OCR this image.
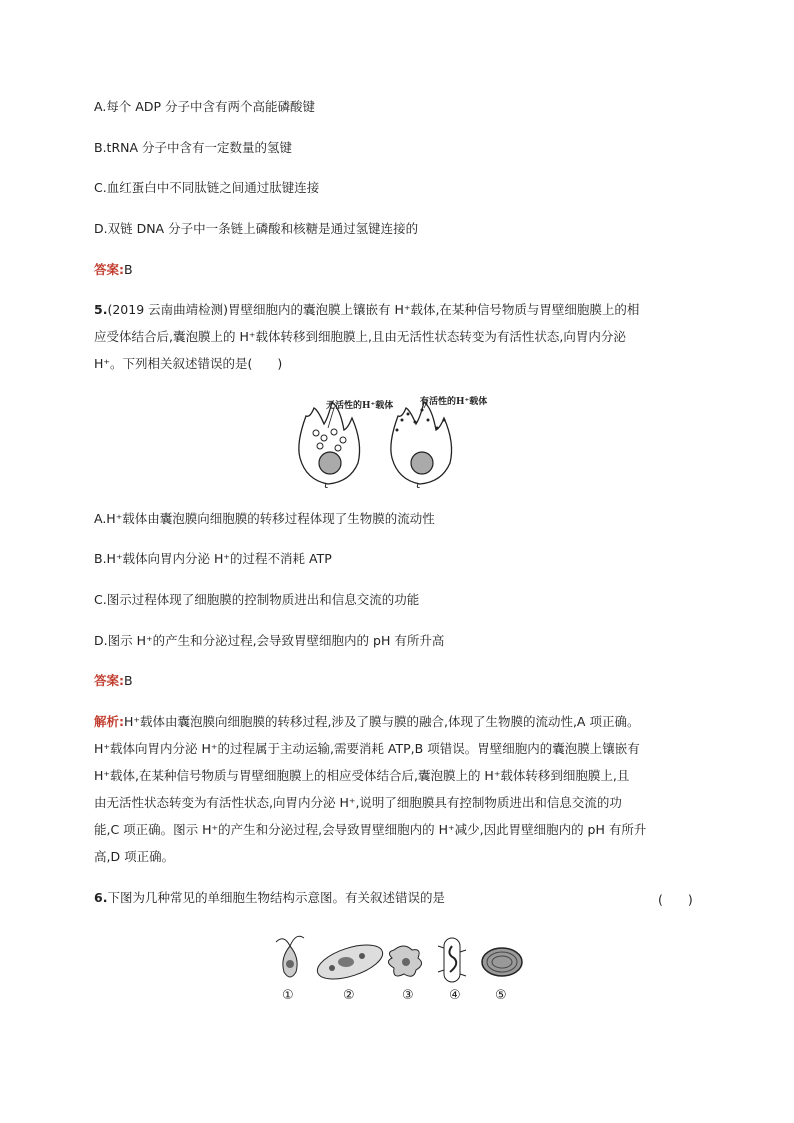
A.每个 ADP 分子中含有两个高能磷酸键
B.tRNA 分子中含有一定数量的氢键
C.血红蛋白中不同肽链之间通过肽键连接
D.双链 DNA 分子中一条链上磷酸和核糖是通过氢键连接的
答案:B
5.(2019 云南曲靖检测)胃壁细胞内的囊泡膜上镶嵌有 H⁺载体,在某种信号物质与胃壁细胞膜上的相
应受体结合后,囊泡膜上的 H⁺载体转移到细胞膜上,且由无活性状态转变为有活性状态,向胃内分泌
H⁺。下列相关叙述错误的是(　　)
无活性的H⁺载体	有活性的H⁺载体
A.H⁺载体由囊泡膜向细胞膜的转移过程体现了生物膜的流动性
B.H⁺载体向胃内分泌 H⁺的过程不消耗 ATP
C.图示过程体现了细胞膜的控制物质进出和信息交流的功能
D.图示 H⁺的产生和分泌过程,会导致胃壁细胞内的 pH 有所升高
答案:B

解析:H⁺载体由囊泡膜向细胞膜的转移过程,涉及了膜与膜的融合,体现了生物膜的流动性,A 项正确。

H⁺载体向胃内分泌 H⁺的过程属于主动运输,需要消耗 ATP,B 项错误。胃壁细胞内的囊泡膜上镶嵌有

H⁺载体,在某种信号物质与胃壁细胞膜上的相应受体结合后,囊泡膜上的 H⁺载体转移到细胞膜上,且

由无活性状态转变为有活性状态,向胃内分泌 H⁺,说明了细胞膜具有控制物质进出和信息交流的功

能,C 项正确。图示 H⁺的产生和分泌过程,会导致胃壁细胞内的 H⁺减少,因此胃壁细胞内的 pH 有所升

高,D 项正确。

6.下图为几种常见的单细胞生物结构示意图。有关叙述错误的是	(　　)
①	②	③	④	⑤
